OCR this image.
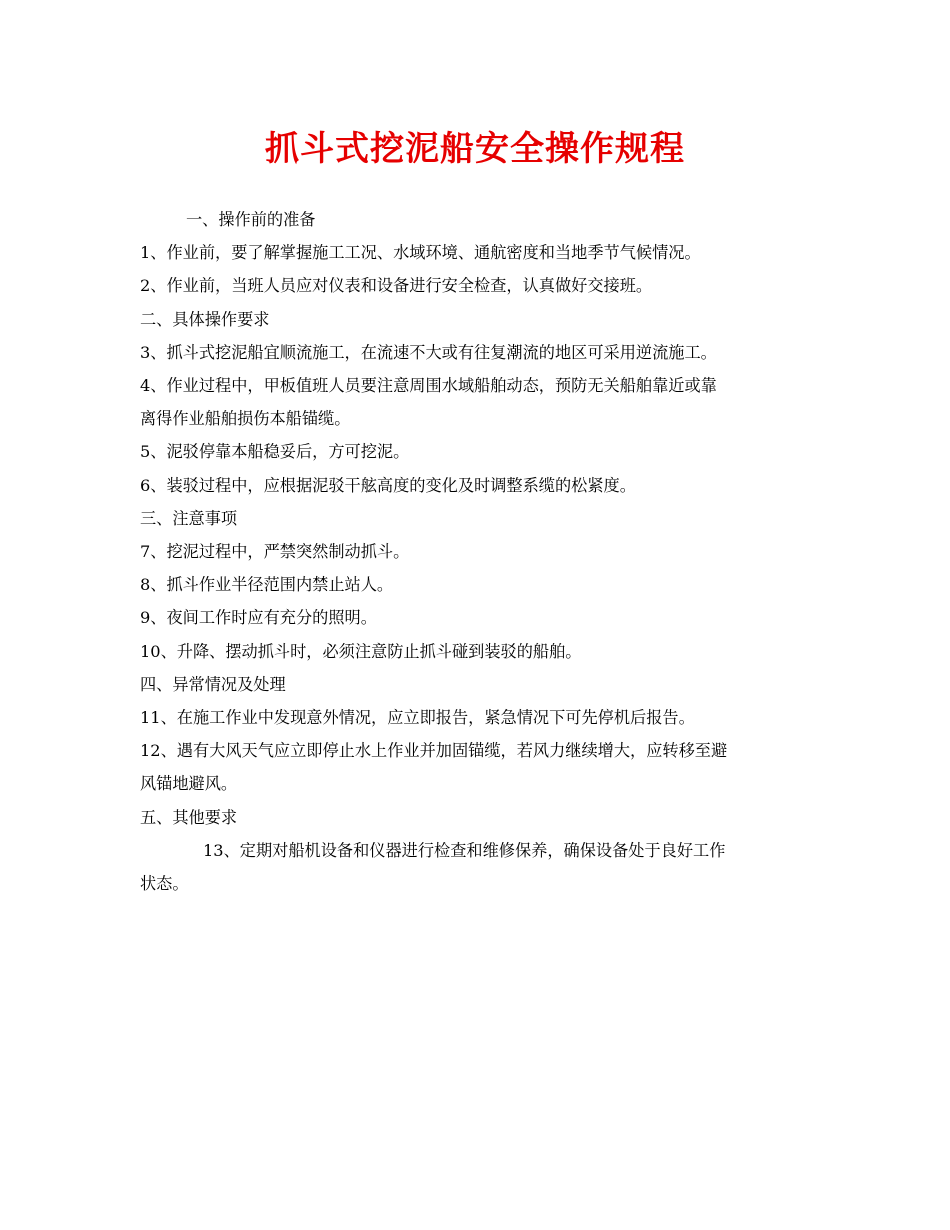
抓斗式挖泥船安全操作规程

一、操作前的准备

1、作业前，要了解掌握施工工况、水域环境、通航密度和当地季节气候情况。

2、作业前，当班人员应对仪表和设备进行安全检查，认真做好交接班。

二、具体操作要求

3、抓斗式挖泥船宜顺流施工，在流速不大或有往复潮流的地区可采用逆流施工。

4、作业过程中，甲板值班人员要注意周围水域船舶动态，预防无关船舶靠近或靠

离得作业船舶损伤本船锚缆。

5、泥驳停靠本船稳妥后，方可挖泥。

6、装驳过程中，应根据泥驳干舷高度的变化及时调整系缆的松紧度。

三、注意事项

7、挖泥过程中，严禁突然制动抓斗。

8、抓斗作业半径范围内禁止站人。

9、夜间工作时应有充分的照明。

10、升降、摆动抓斗时，必须注意防止抓斗碰到装驳的船舶。

四、异常情况及处理

11、在施工作业中发现意外情况，应立即报告，紧急情况下可先停机后报告。

12、遇有大风天气应立即停止水上作业并加固锚缆，若风力继续增大，应转移至避

风锚地避风。

五、其他要求

13、定期对船机设备和仪器进行检查和维修保养，确保设备处于良好工作

状态。
